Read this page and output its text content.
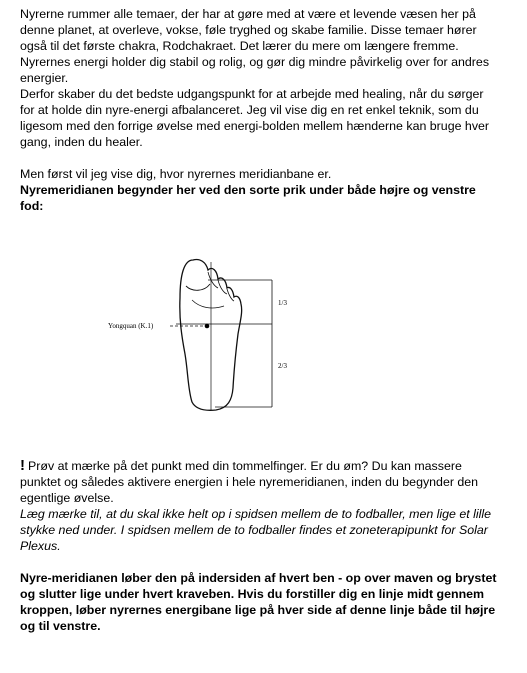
Nyrerne rummer alle temaer, der har at gøre med at være et levende væsen her på denne planet, at overleve, vokse, føle tryghed og skabe familie. Disse temaer hører også til det første chakra, Rodchakraet. Det lærer du mere om længere fremme. Nyrernes energi holder dig stabil og rolig, og gør dig mindre påvirkelig over for andres energier.
Derfor skaber du det bedste udgangspunkt for at arbejde med healing, når du sørger for at holde din nyre-energi afbalanceret. Jeg vil vise dig en ret enkel teknik, som du ligesom med den forrige øvelse med energi-bolden mellem hænderne kan bruge hver gang, inden du healer.

Men først vil jeg vise dig, hvor nyrernes meridianbane er.

Nyremeridianen begynder her ved den sorte prik under både højre og venstre fod:

Yongquan (K.1)
1/3
2/3

! Prøv at mærke på det punkt med din tommelfinger. Er du øm? Du kan massere punktet og således aktivere energien i hele nyremeridianen, inden du begynder den egentlige øvelse.
Læg mærke til, at du skal ikke helt op i spidsen mellem de to fodballer, men lige et lille stykke ned under. I spidsen mellem de to fodballer findes et zoneterapipunkt for Solar Plexus.

Nyre-meridianen løber den på indersiden af hvert ben - op over maven og brystet og slutter lige under hvert kraveben. Hvis du forstiller dig en linje midt gennem kroppen, løber nyrernes energibane lige på hver side af denne linje både til højre og til venstre.
